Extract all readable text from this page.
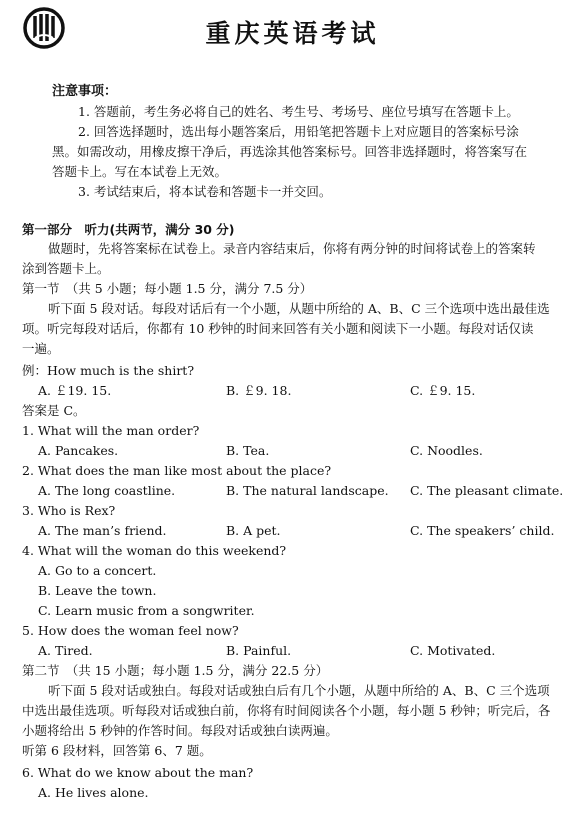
重庆英语考试
注意事项：
1. 答题前，考生务必将自己的姓名、考生号、考场号、座位号填写在答题卡上。
2. 回答选择题时，选出每小题答案后，用铅笔把答题卡上对应题目的答案标号涂
黑。如需改动，用橡皮擦干净后，再选涂其他答案标号。回答非选择题时，将答案写在
答题卡上。写在本试卷上无效。
3. 考试结束后，将本试卷和答题卡一并交回。
第一部分　听力(共两节，满分 30 分)
做题时，先将答案标在试卷上。录音内容结束后，你将有两分钟的时间将试卷上的答案转
涂到答题卡上。
第一节　（共 5 小题；每小题 1.5 分，满分 7.5 分）
听下面 5 段对话。每段对话后有一个小题，从题中所给的 A、B、C 三个选项中选出最佳选
项。听完每段对话后，你都有 10 秒钟的时间来回答有关小题和阅读下一小题。每段对话仅读
一遍。
例：How much is the shirt?
A. ￡19. 15.	B. ￡9. 18.	C. ￡9. 15.
答案是 C。
1. What will the man order?
A. Pancakes.	B. Tea.	C. Noodles.
2. What does the man like most about the place?
A. The long coastline.	B. The natural landscape. C. The pleasant climate.
3. Who is Rex?
A. The man’s friend.	B. A pet.	C. The speakers’ child.
4. What will the woman do this weekend?
A. Go to a concert.
B. Leave the town.
C. Learn music from a songwriter.
5. How does the woman feel now?
A. Tired.	B. Painful.	C. Motivated.
第二节　（共 15 小题；每小题 1.5 分，满分 22.5 分）
听下面 5 段对话或独白。每段对话或独白后有几个小题，从题中所给的 A、B、C 三个选项
中选出最佳选项。听每段对话或独白前，你将有时间阅读各个小题，每小题 5 秒钟；听完后，各
小题将给出 5 秒钟的作答时间。每段对话或独白读两遍。
听第 6 段材料，回答第 6、7 题。
6. What do we know about the man?
A. He lives alone.
